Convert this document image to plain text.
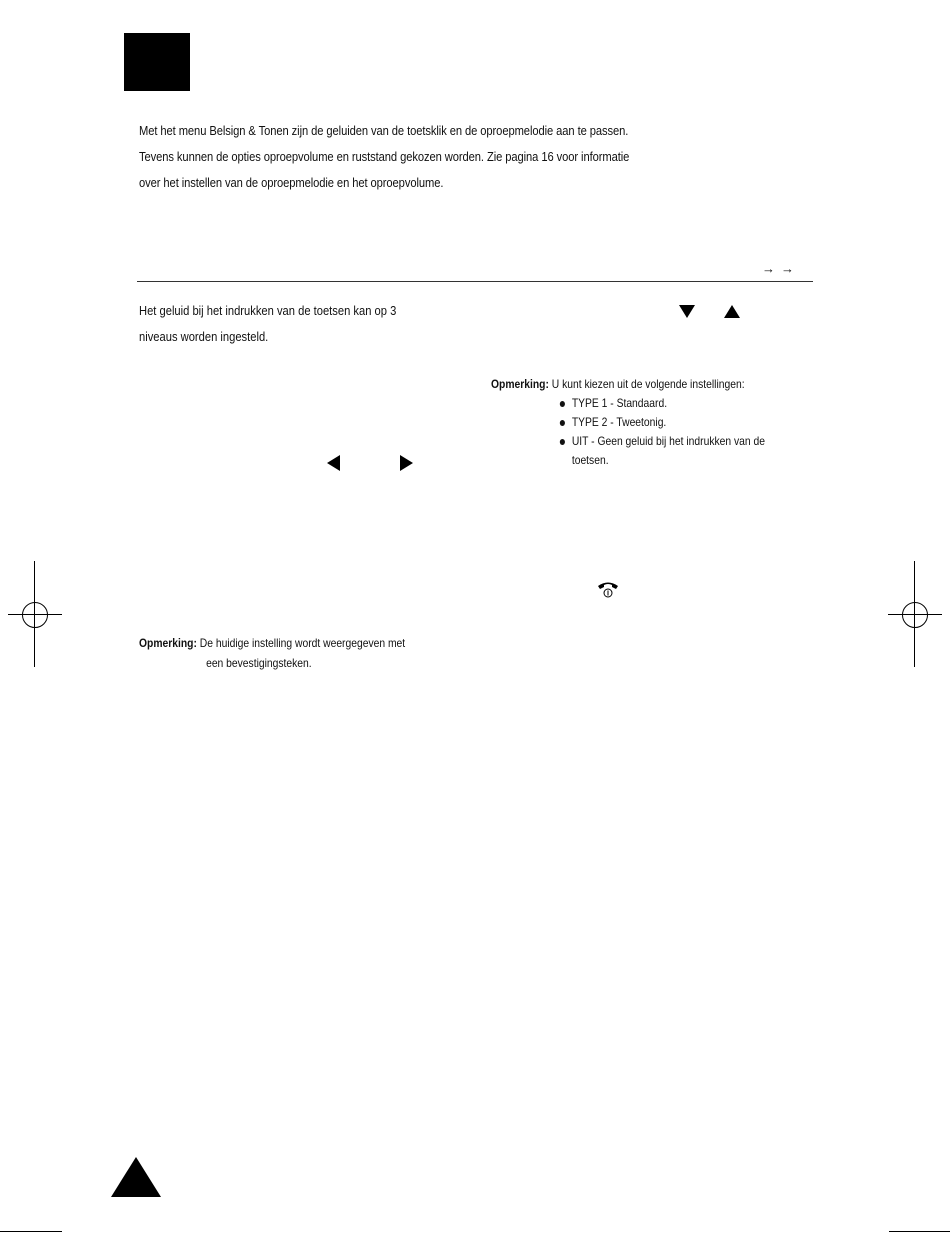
Met het menu Belsign & Tonen zijn de geluiden van de toetsklik en de oproepmelodie aan te passen.

Tevens kunnen de opties oproepvolume en ruststand gekozen worden. Zie pagina 16 voor informatie

over het instellen van de oproepmelodie en het oproepvolume.

→→
Het geluid bij het indrukken van de toetsen kan op 3
niveaus worden ingesteld.
Opmerking: U kunt kiezen uit de volgende instellingen:
TYPE 1 - Standaard.
TYPE 2 - Tweetonig.
UIT - Geen geluid bij het indrukken van de
toetsen.
Opmerking: De huidige instelling wordt weergegeven met
een bevestigingsteken.
